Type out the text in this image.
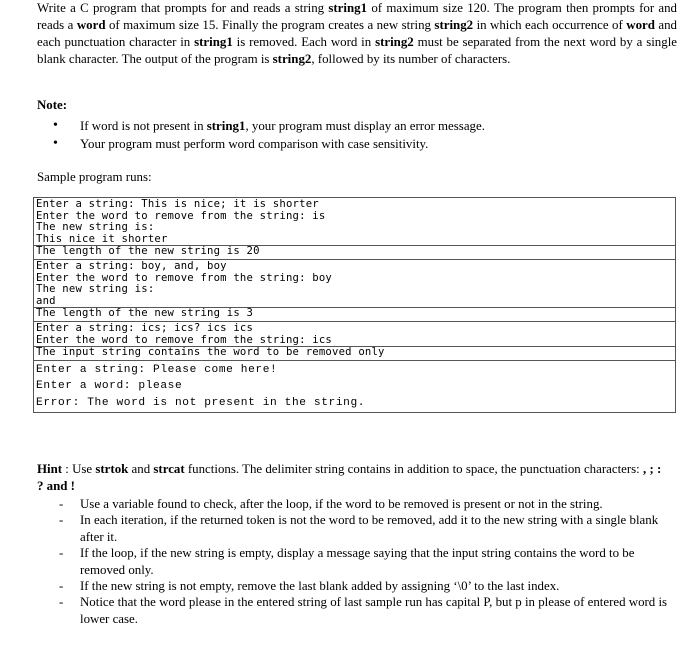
Write a C program that prompts for and reads a string string1 of maximum size 120. The program then prompts for and reads a word of maximum size 15. Finally the program creates a new string string2 in which each occurrence of word and each punctuation character in string1 is removed. Each word in string2 must be separated from the next word by a single blank character. The output of the program is string2, followed by its number of characters.

Note:
• If word is not present in string1, your program must display an error message.
• Your program must perform word comparison with case sensitivity.
Sample program runs:
Enter a string: This is nice; it is shorter
Enter the word to remove from the string: is
The new string is:
This nice it shorter
The length of the new string is 20
Enter a string: boy, and, boy
Enter the word to remove from the string: boy
The new string is:
and
The length of the new string is 3
Enter a string: ics; ics? ics ics
Enter the word to remove from the string: ics
The input string contains the word to be removed only
Enter a string: Please come here!
Enter a word: please
Error: The word is not present in the string.

Hint : Use strtok and strcat functions. The delimiter string contains in addition to space, the punctuation characters: , ; : ? and !

- Use a variable found to check, after the loop, if the word to be removed is present or not in the string.
- In each iteration, if the returned token is not the word to be removed, add it to the new string with a single blank after it.
- If the loop, if the new string is empty, display a message saying that the input string contains the word to be removed only.
- If the new string is not empty, remove the last blank added by assigning ‘\0’ to the last index.
- Notice that the word please in the entered string of last sample run has capital P, but p in please of entered word is lower case.
